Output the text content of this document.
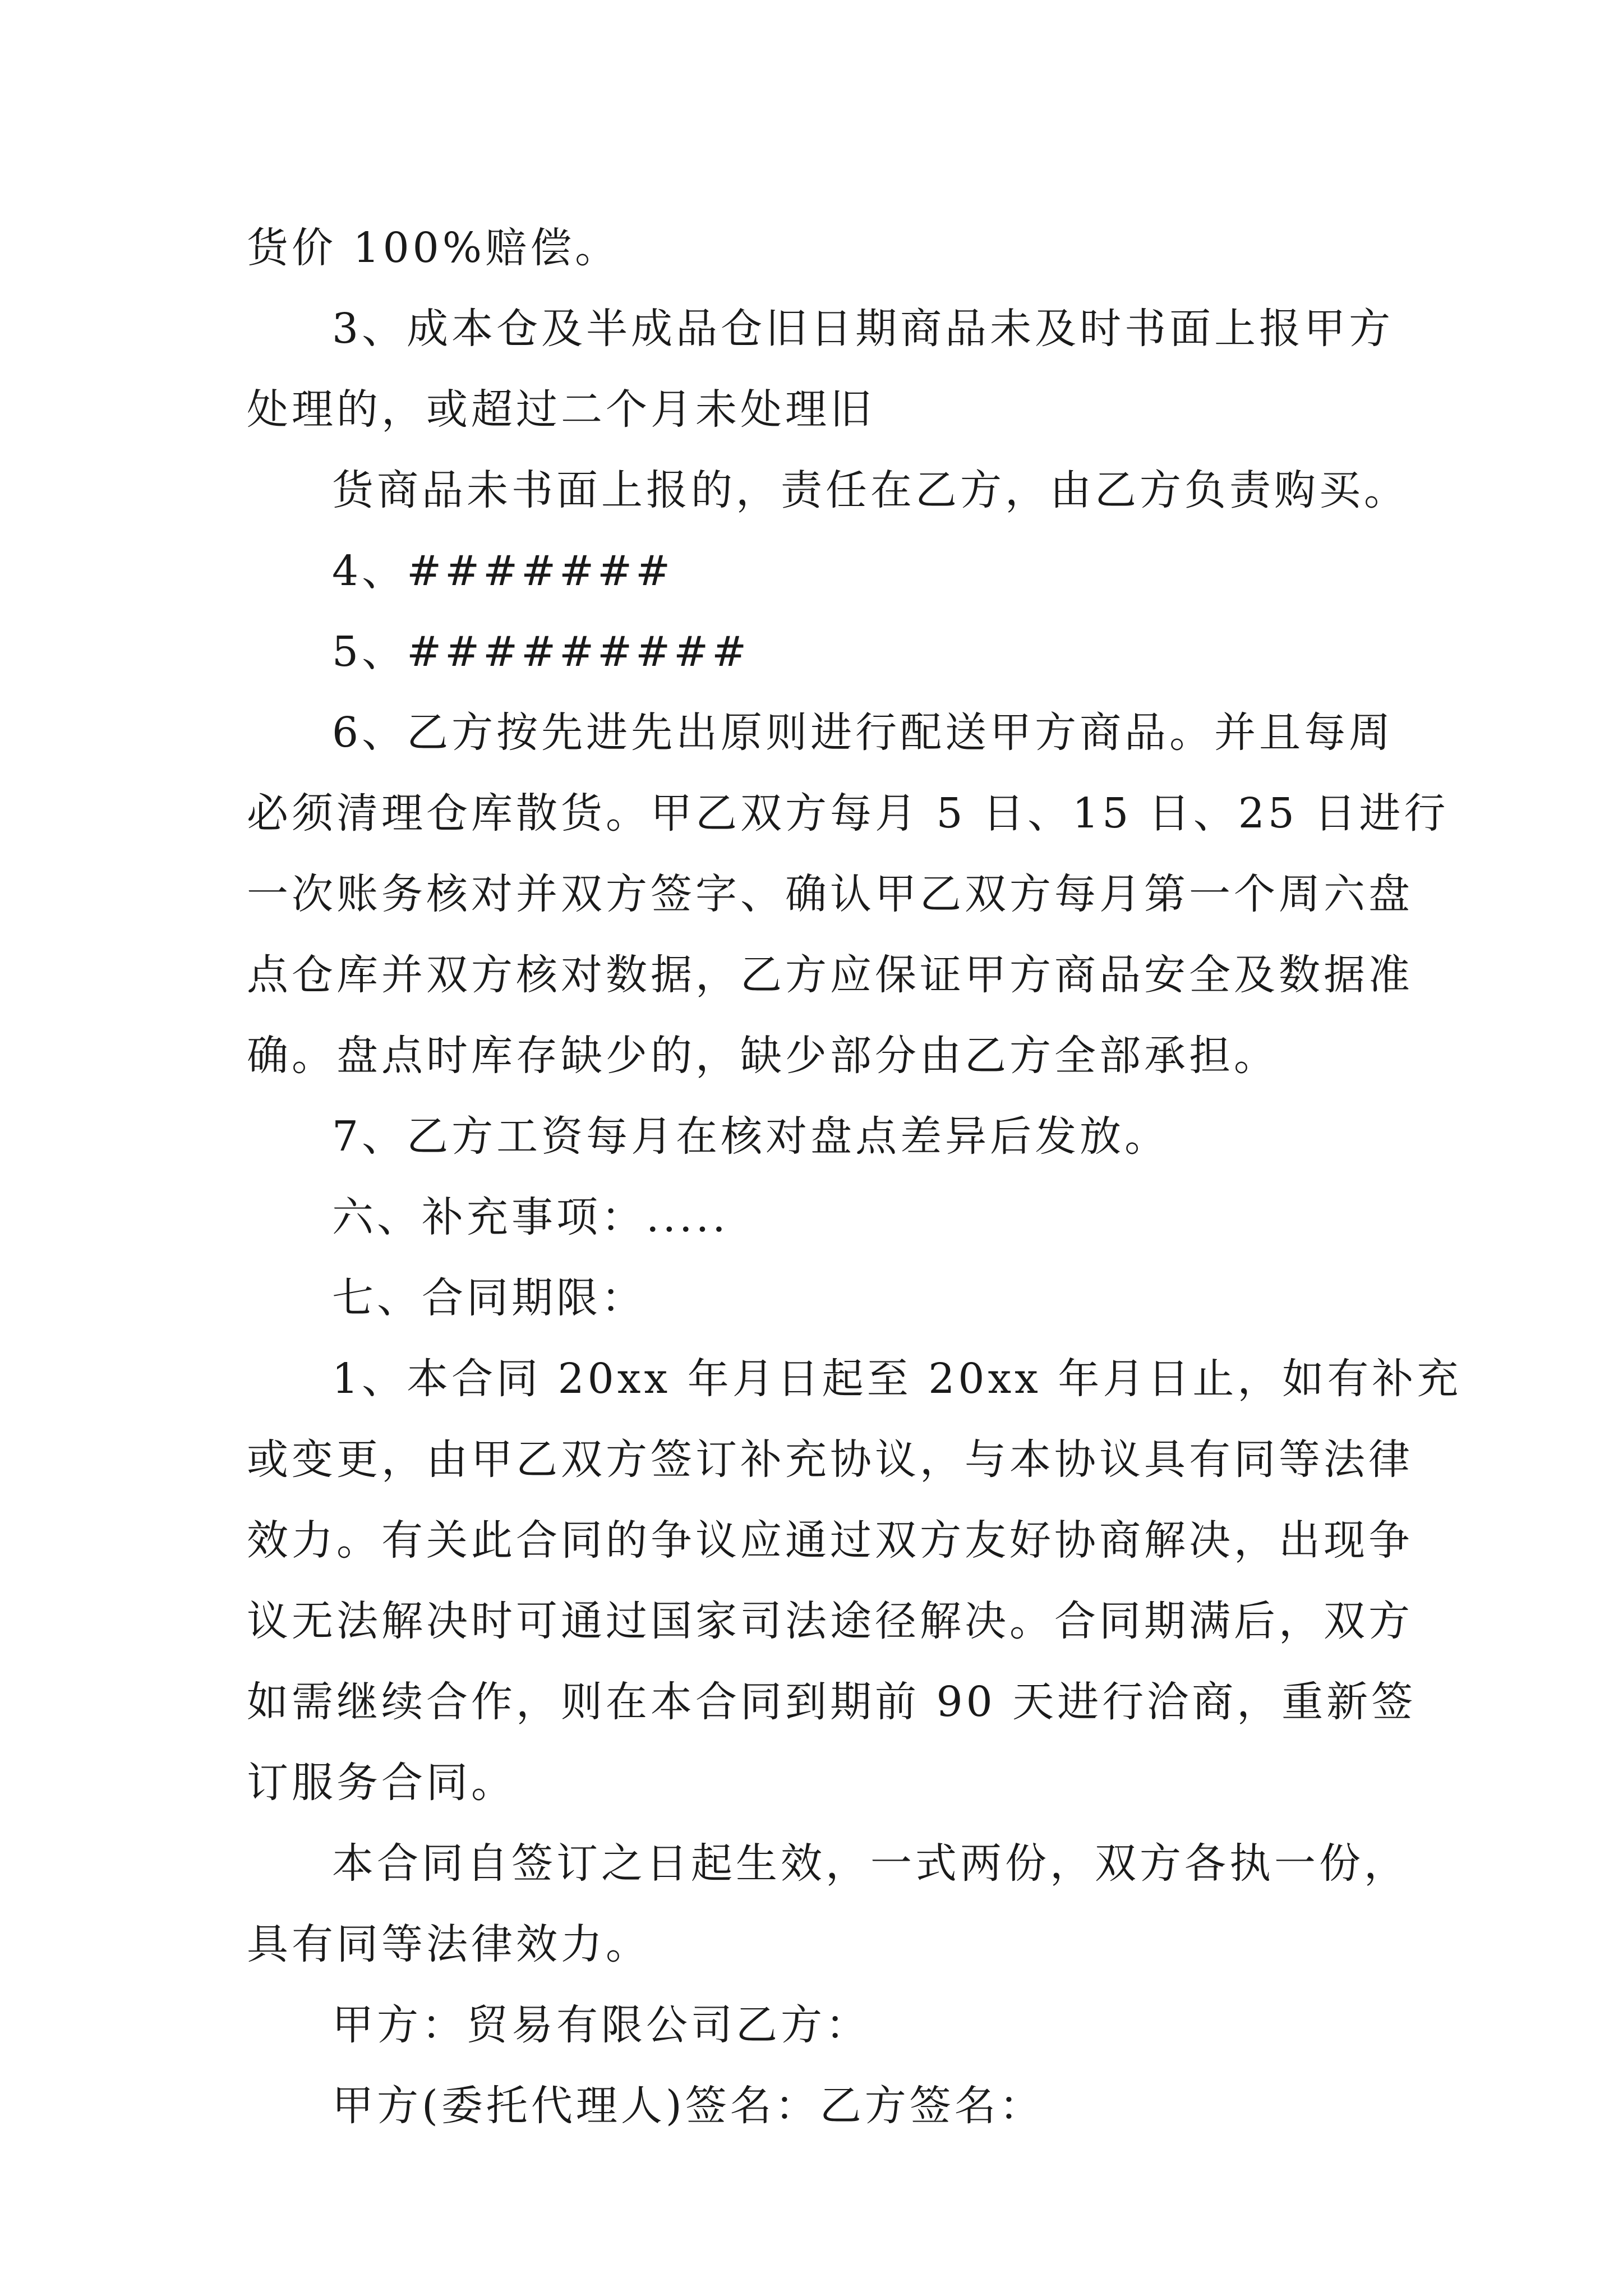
货价 100%赔偿。
3、成本仓及半成品仓旧日期商品未及时书面上报甲方
处理的，或超过二个月未处理旧
货商品未书面上报的，责任在乙方，由乙方负责购买。
4、#######
5、#########
6、乙方按先进先出原则进行配送甲方商品。并且每周
必须清理仓库散货。甲乙双方每月 5 日、15 日、25 日进行
一次账务核对并双方签字、确认甲乙双方每月第一个周六盘
点仓库并双方核对数据，乙方应保证甲方商品安全及数据准
确。盘点时库存缺少的，缺少部分由乙方全部承担。
7、乙方工资每月在核对盘点差异后发放。
六、补充事项：.....
七、合同期限：
1、本合同 20xx 年月日起至 20xx 年月日止，如有补充
或变更，由甲乙双方签订补充协议，与本协议具有同等法律
效力。有关此合同的争议应通过双方友好协商解决，出现争
议无法解决时可通过国家司法途径解决。合同期满后，双方
如需继续合作，则在本合同到期前 90 天进行洽商，重新签
订服务合同。
本合同自签订之日起生效，一式两份，双方各执一份，
具有同等法律效力。
甲方：贸易有限公司乙方：
甲方(委托代理人)签名：乙方签名：
